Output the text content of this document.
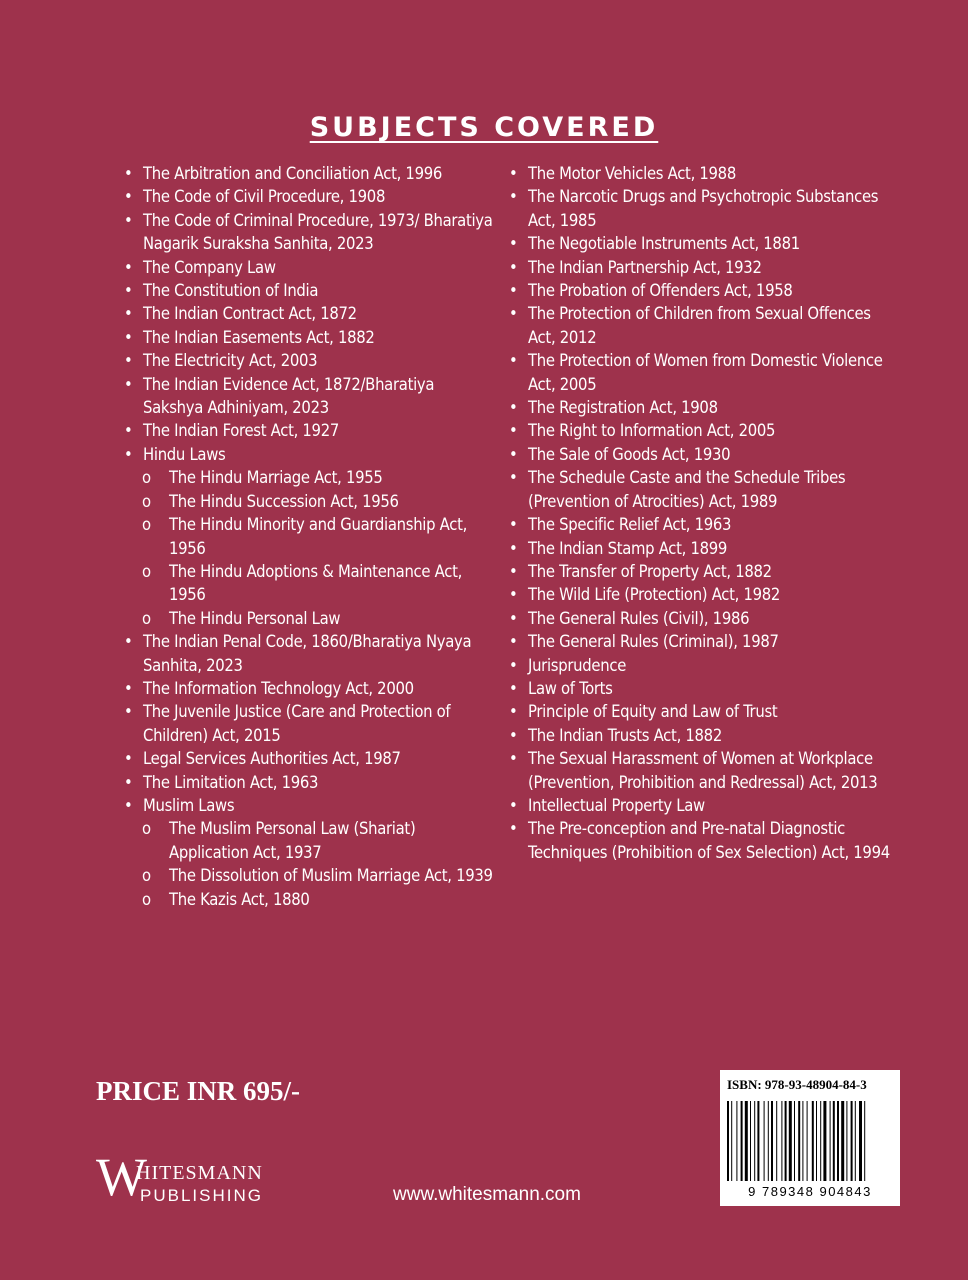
SUBJECTS COVERED
• The Arbitration and Conciliation Act, 1996
• The Code of Civil Procedure, 1908
• The Code of Criminal Procedure, 1973/ Bharatiya Nagarik Suraksha Sanhita, 2023
• The Company Law
• The Constitution of India
• The Indian Contract Act, 1872
• The Indian Easements Act, 1882
• The Electricity Act, 2003
• The Indian Evidence Act, 1872/Bharatiya Sakshya Adhiniyam, 2023
• The Indian Forest Act, 1927
• Hindu Laws
o The Hindu Marriage Act, 1955
o The Hindu Succession Act, 1956
o The Hindu Minority and Guardianship Act, 1956
o The Hindu Adoptions & Maintenance Act, 1956
o The Hindu Personal Law
• The Indian Penal Code, 1860/Bharatiya Nyaya Sanhita, 2023
• The Information Technology Act, 2000
• The Juvenile Justice (Care and Protection of Children) Act, 2015
• Legal Services Authorities Act, 1987
• The Limitation Act, 1963
• Muslim Laws
o The Muslim Personal Law (Shariat) Application Act, 1937
o The Dissolution of Muslim Marriage Act, 1939
o The Kazis Act, 1880
• The Motor Vehicles Act, 1988
• The Narcotic Drugs and Psychotropic Substances Act, 1985
• The Negotiable Instruments Act, 1881
• The Indian Partnership Act, 1932
• The Probation of Offenders Act, 1958
• The Protection of Children from Sexual Offences Act, 2012
• The Protection of Women from Domestic Violence Act, 2005
• The Registration Act, 1908
• The Right to Information Act, 2005
• The Sale of Goods Act, 1930
• The Schedule Caste and the Schedule Tribes (Prevention of Atrocities) Act, 1989
• The Specific Relief Act, 1963
• The Indian Stamp Act, 1899
• The Transfer of Property Act, 1882
• The Wild Life (Protection) Act, 1982
• The General Rules (Civil), 1986
• The General Rules (Criminal), 1987
• Jurisprudence
• Law of Torts
• Principle of Equity and Law of Trust
• The Indian Trusts Act, 1882
• The Sexual Harassment of Women at Workplace (Prevention, Prohibition and Redressal) Act, 2013
• Intellectual Property Law
• The Pre-conception and Pre-natal Diagnostic Techniques (Prohibition of Sex Selection) Act, 1994
PRICE INR 695/-
W
HITESMANN
PUBLISHING	www.whitesmann.com
ISBN: 978-93-48904-84-3
9 789348 904843
